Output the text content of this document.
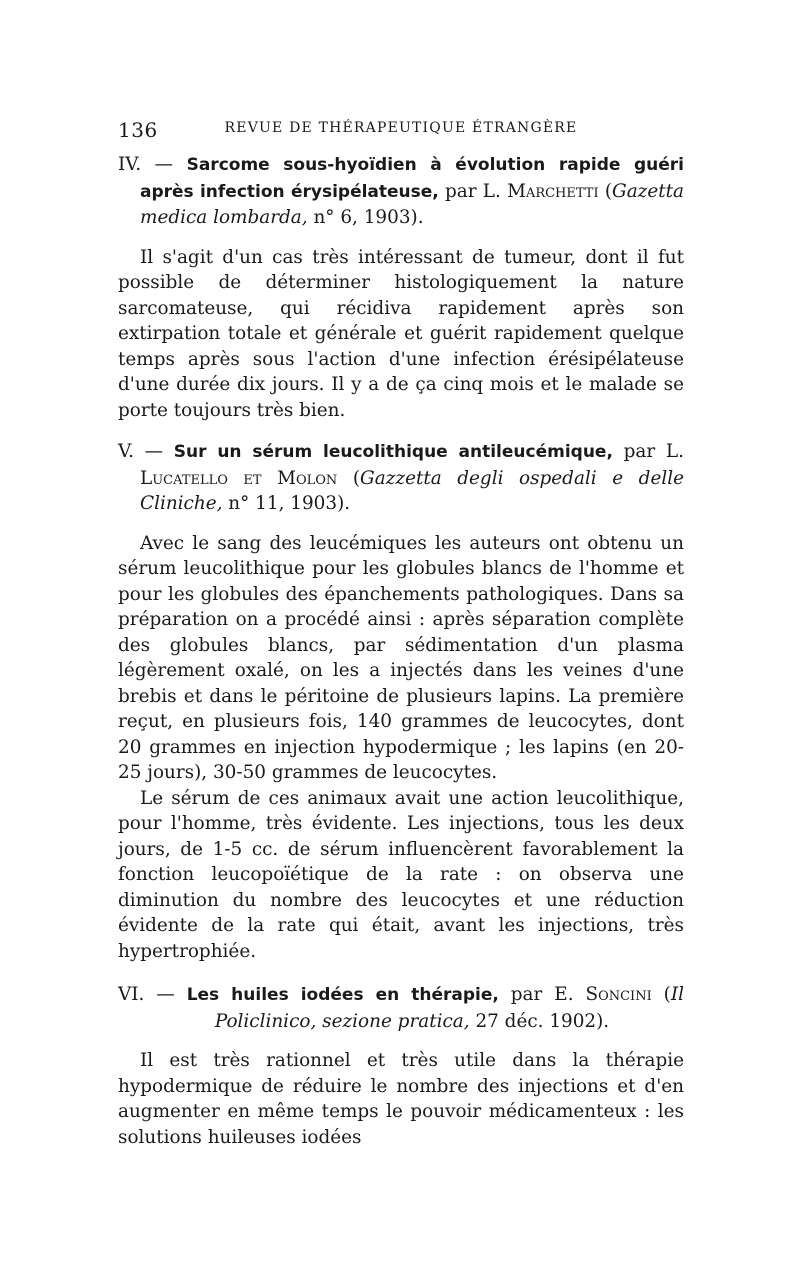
136	REVUE DE THÉRAPEUTIQUE ÉTRANGÈRE

IV. — Sarcome sous-hyoïdien à évolution rapide guéri après infection érysipélateuse, par L. Marchetti (Gazetta medica lombarda, n° 6, 1903).

Il s'agit d'un cas très intéressant de tumeur, dont il fut possible de déterminer histologiquement la nature sarcomateuse, qui récidiva rapidement après son extirpation totale et générale et guérit rapidement quelque temps après sous l'action d'une infection érésipélateuse d'une durée dix jours. Il y a de ça cinq mois et le malade se porte toujours très bien.

V. — Sur un sérum leucolithique antileucémique, par L. Lucatello et Molon (Gazzetta degli ospedali e delle Cliniche, n° 11, 1903).

Avec le sang des leucémiques les auteurs ont obtenu un sérum leucolithique pour les globules blancs de l'homme et pour les globules des épanchements pathologiques. Dans sa préparation on a procédé ainsi : après séparation complète des globules blancs, par sédimentation d'un plasma légèrement oxalé, on les a injectés dans les veines d'une brebis et dans le péritoine de plusieurs lapins. La première reçut, en plusieurs fois, 140 grammes de leucocytes, dont 20 grammes en injection hypodermique ; les lapins (en 20-25 jours), 30-50 grammes de leucocytes.

Le sérum de ces animaux avait une action leucolithique, pour l'homme, très évidente. Les injections, tous les deux jours, de 1-5 cc. de sérum influencèrent favorablement la fonction leucopoïétique de la rate : on observa une diminution du nombre des leucocytes et une réduction évidente de la rate qui était, avant les injections, très hypertrophiée.

VI. — Les huiles iodées en thérapie, par E. Soncini (Il Policlinico, sezione pratica, 27 déc. 1902).

Il est très rationnel et très utile dans la thérapie hypodermique de réduire le nombre des injections et d'en augmenter en même temps le pouvoir médicamenteux : les solutions huileuses iodées
